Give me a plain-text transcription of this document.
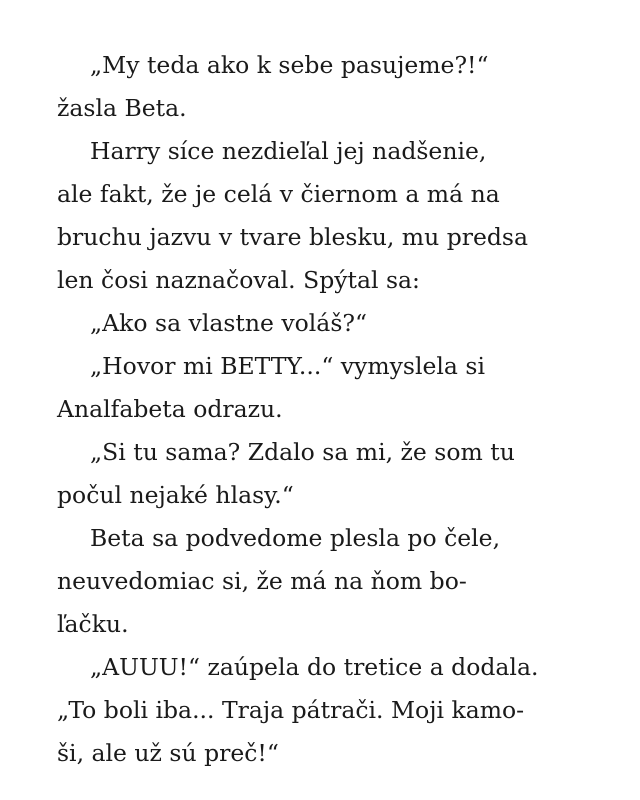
„My teda ako k sebe pasujeme?!“
žasla Beta.
Harry síce nezdieľal jej nadšenie,
ale fakt, že je celá v čiernom a má na
bruchu jazvu v tvare blesku, mu predsa
len čosi naznačoval. Spýtal sa:
„Ako sa vlastne voláš?“
„Hovor mi BETTY...“ vymyslela si
Analfabeta odrazu.
„Si tu sama? Zdalo sa mi, že som tu
počul nejaké hlasy.“
Beta sa podvedome plesla po čele,
neuvedomiac si, že má na ňom bo-
ľačku.
„AUUU!“ zaúpela do tretice a dodala.
„To boli iba... Traja pátrači. Moji kamo-
ši, ale už sú preč!“
